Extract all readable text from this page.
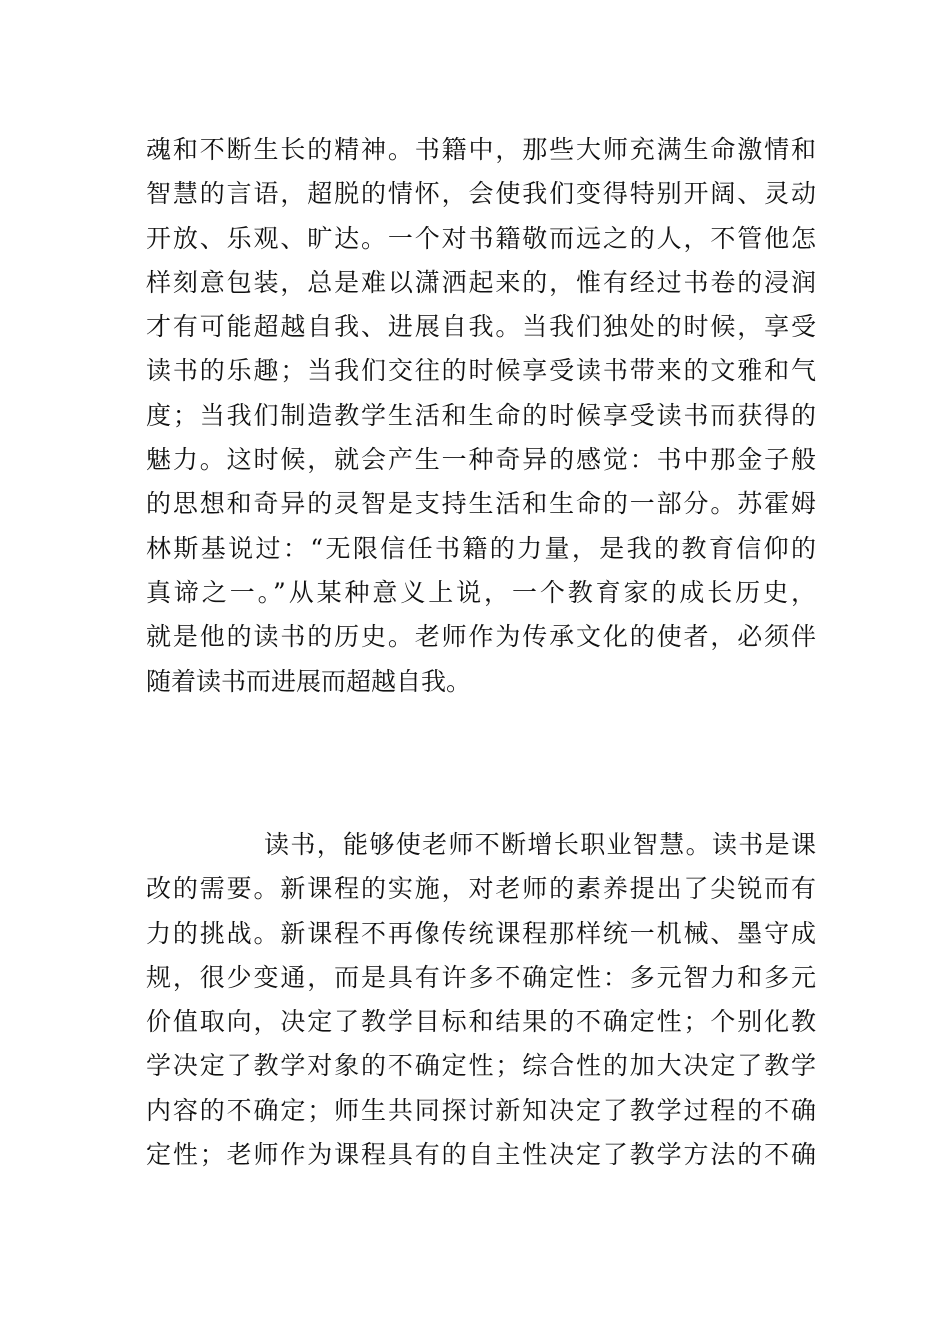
魂和不断生长的精神。书籍中，那些大师充满生命激情和
智慧的言语，超脱的情怀，会使我们变得特别开阔、灵动
开放、乐观、旷达。一个对书籍敬而远之的人，不管他怎
样刻意包装，总是难以潇洒起来的，惟有经过书卷的浸润
才有可能超越自我、进展自我。当我们独处的时候，享受
读书的乐趣；当我们交往的时候享受读书带来的文雅和气
度；当我们制造教学生活和生命的时候享受读书而获得的
魅力。这时候，就会产生一种奇异的感觉：书中那金子般
的思想和奇异的灵智是支持生活和生命的一部分。苏霍姆
林斯基说过：“无限信任书籍的力量，是我的教育信仰的
真谛之一。”从某种意义上说，一个教育家的成长历史，
就是他的读书的历史。老师作为传承文化的使者，必须伴
随着读书而进展而超越自我。
读书，能够使老师不断增长职业智慧。读书是课
改的需要。新课程的实施，对老师的素养提出了尖锐而有
力的挑战。新课程不再像传统课程那样统一机械、墨守成
规，很少变通，而是具有许多不确定性：多元智力和多元
价值取向，决定了教学目标和结果的不确定性；个别化教
学决定了教学对象的不确定性；综合性的加大决定了教学
内容的不确定；师生共同探讨新知决定了教学过程的不确
定性；老师作为课程具有的自主性决定了教学方法的不确
